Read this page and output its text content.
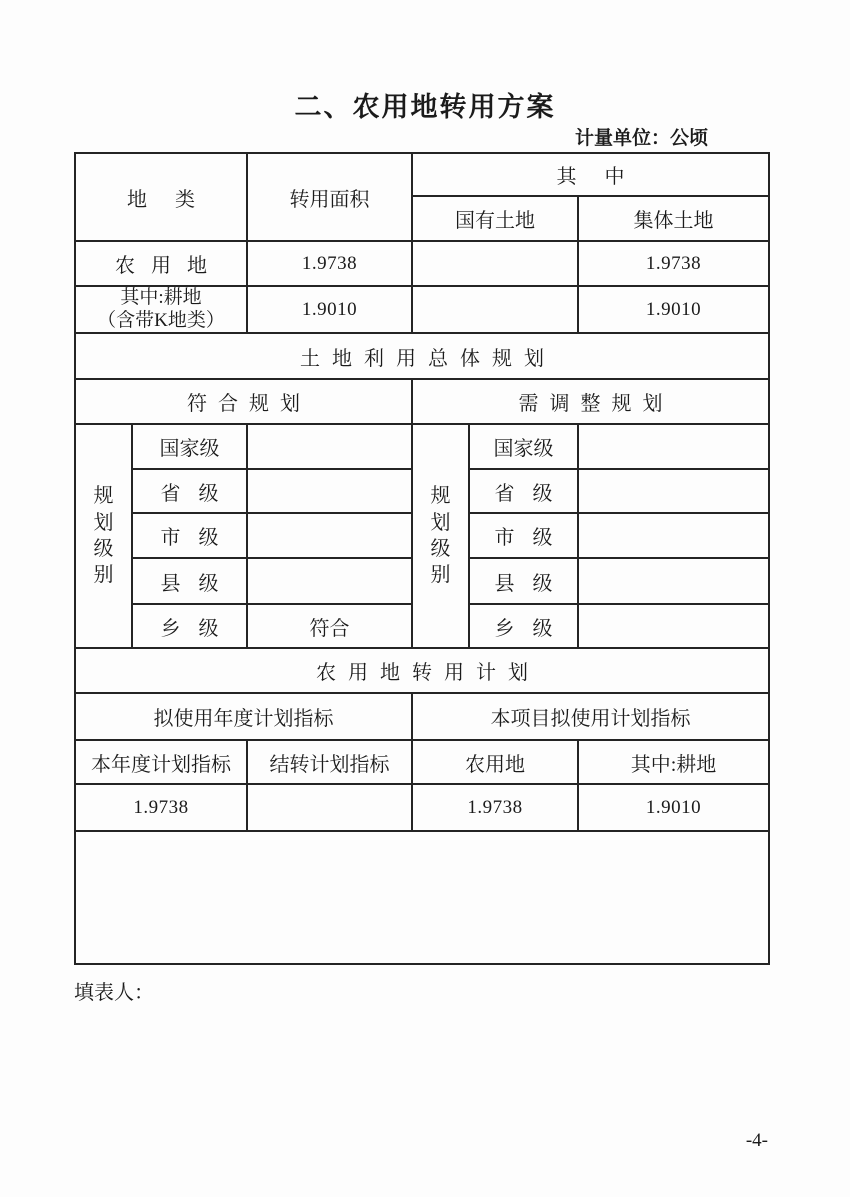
二、农用地转用方案
计量单位：公顷
地类		转用面积	其中		
			国有土地		集体土地
农用地		1.9738			1.9738

其中:耕地
（含带K地类）		1.9010			1.9010
土地利用总体规划					
符合规划			需调整规划		

规划级别	国家级		规划级别	国家级	
	省级			省级	
	市级			市级	
	县级			县级	
	乡级	符合		乡级	
农用地转用计划					
拟使用年度计划指标			本项目拟使用计划指标		
本年度计划指标		结转计划指标	农用地		其中:耕地
1.9738			1.9738		1.9010

填表人：
-4-
